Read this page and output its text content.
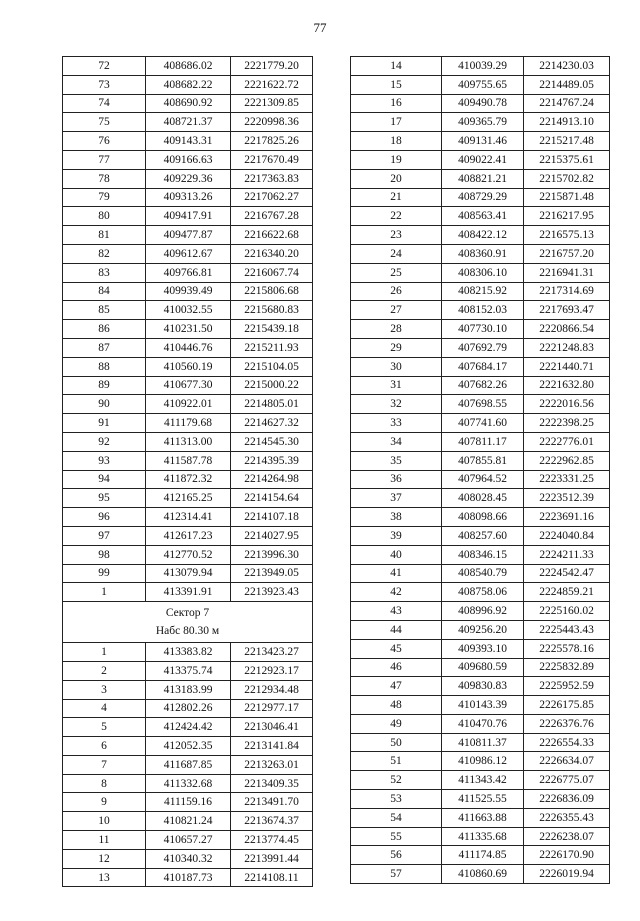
77
72	408686.02	2221779.20
73	408682.22	2221622.72
74	408690.92	2221309.85
75	408721.37	2220998.36
76	409143.31	2217825.26
77	409166.63	2217670.49
78	409229.36	2217363.83
79	409313.26	2217062.27
80	409417.91	2216767.28
81	409477.87	2216622.68
82	409612.67	2216340.20
83	409766.81	2216067.74
84	409939.49	2215806.68
85	410032.55	2215680.83
86	410231.50	2215439.18
87	410446.76	2215211.93
88	410560.19	2215104.05
89	410677.30	2215000.22
90	410922.01	2214805.01
91	411179.68	2214627.32
92	411313.00	2214545.30
93	411587.78	2214395.39
94	411872.32	2214264.98
95	412165.25	2214154.64
96	412314.41	2214107.18
97	412617.23	2214027.95
98	412770.52	2213996.30
99	413079.94	2213949.05
1	413391.91	2213923.43

Сектор 7
Набс 80.30 м		

1	413383.82	2213423.27
2	413375.74	2212923.17
3	413183.99	2212934.48
4	412802.26	2212977.17
5	412424.42	2213046.41
6	412052.35	2213141.84
7	411687.85	2213263.01
8	411332.68	2213409.35
9	411159.16	2213491.70
10	410821.24	2213674.37
11	410657.27	2213774.45
12	410340.32	2213991.44
13	410187.73	2214108.11
14	410039.29	2214230.03
15	409755.65	2214489.05
16	409490.78	2214767.24
17	409365.79	2214913.10
18	409131.46	2215217.48
19	409022.41	2215375.61
20	408821.21	2215702.82
21	408729.29	2215871.48
22	408563.41	2216217.95
23	408422.12	2216575.13
24	408360.91	2216757.20
25	408306.10	2216941.31
26	408215.92	2217314.69
27	408152.03	2217693.47
28	407730.10	2220866.54
29	407692.79	2221248.83
30	407684.17	2221440.71
31	407682.26	2221632.80
32	407698.55	2222016.56
33	407741.60	2222398.25
34	407811.17	2222776.01
35	407855.81	2222962.85
36	407964.52	2223331.25
37	408028.45	2223512.39
38	408098.66	2223691.16
39	408257.60	2224040.84
40	408346.15	2224211.33
41	408540.79	2224542.47
42	408758.06	2224859.21
43	408996.92	2225160.02
44	409256.20	2225443.43
45	409393.10	2225578.16
46	409680.59	2225832.89
47	409830.83	2225952.59
48	410143.39	2226175.85
49	410470.76	2226376.76
50	410811.37	2226554.33
51	410986.12	2226634.07
52	411343.42	2226775.07
53	411525.55	2226836.09
54	411663.88	2226355.43
55	411335.68	2226238.07
56	411174.85	2226170.90
57	410860.69	2226019.94
